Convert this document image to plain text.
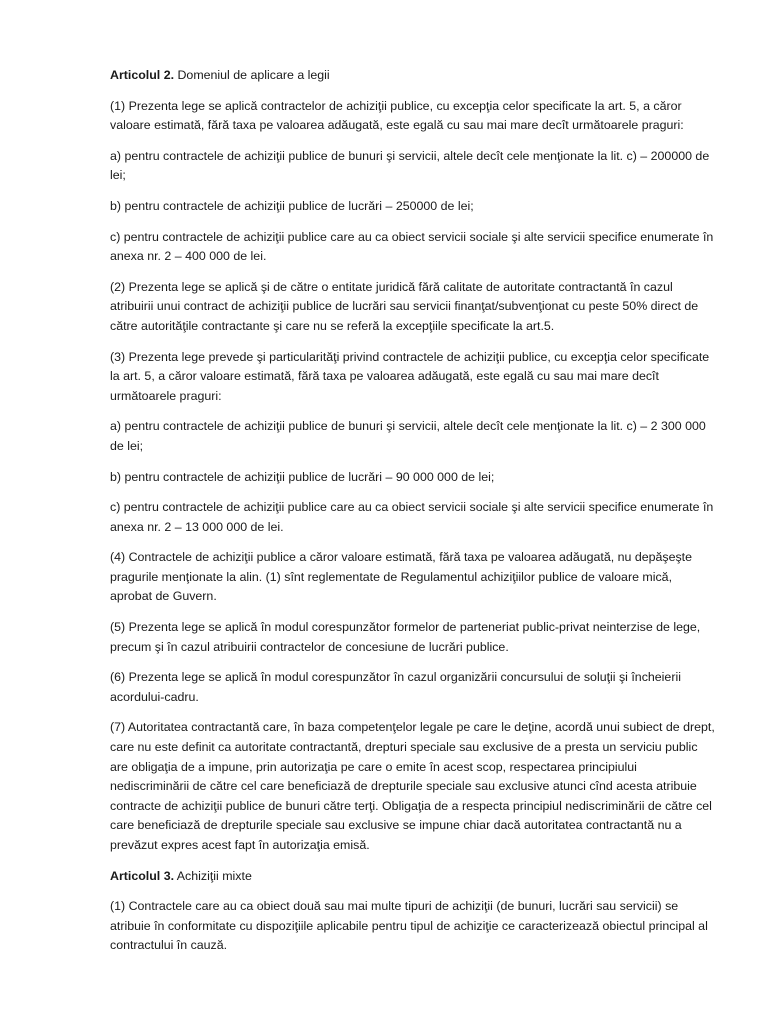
Articolul 2. Domeniul de aplicare a legii

(1) Prezenta lege se aplică contractelor de achiziţii publice, cu excepţia celor specificate la art. 5, a căror valoare estimată, fără taxa pe valoarea adăugată, este egală cu sau mai mare decît următoarele praguri:

a) pentru contractele de achiziţii publice de bunuri şi servicii, altele decît cele menţionate la lit. c) – 200000 de lei;

b) pentru contractele de achiziţii publice de lucrări – 250000 de lei;

c) pentru contractele de achiziţii publice care au ca obiect servicii sociale şi alte servicii specifice enumerate în anexa nr. 2 – 400 000 de lei.

(2) Prezenta lege se aplică şi de către o entitate juridică fără calitate de autoritate contractantă în cazul atribuirii unui contract de achiziţii publice de lucrări sau servicii finanţat/subvenţionat cu peste 50% direct de către autorităţile contractante şi care nu se referă la excepţiile specificate la art.5.

(3) Prezenta lege prevede şi particularităţi privind contractele de achiziţii publice, cu excepţia celor specificate la art. 5, a căror valoare estimată, fără taxa pe valoarea adăugată, este egală cu sau mai mare decît următoarele praguri:

a) pentru contractele de achiziţii publice de bunuri şi servicii, altele decît cele menţionate la lit. c) – 2 300 000 de lei;

b) pentru contractele de achiziţii publice de lucrări – 90 000 000 de lei;

c) pentru contractele de achiziţii publice care au ca obiect servicii sociale şi alte servicii specifice enumerate în anexa nr. 2 – 13 000 000 de lei.

(4) Contractele de achiziţii publice a căror valoare estimată, fără taxa pe valoarea adăugată, nu depăşeşte pragurile menţionate la alin. (1) sînt reglementate de Regulamentul achiziţiilor publice de valoare mică, aprobat de Guvern.

(5) Prezenta lege se aplică în modul corespunzător formelor de parteneriat public-privat neinterzise de lege, precum şi în cazul atribuirii contractelor de concesiune de lucrări publice.

(6) Prezenta lege se aplică în modul corespunzător în cazul organizării concursului de soluţii şi încheierii acordului-cadru.

(7) Autoritatea contractantă care, în baza competenţelor legale pe care le deţine, acordă unui subiect de drept, care nu este definit ca autoritate contractantă, drepturi speciale sau exclusive de a presta un serviciu public are obligaţia de a impune, prin autorizaţia pe care o emite în acest scop, respectarea principiului nediscriminării de către cel care beneficiază de drepturile speciale sau exclusive atunci cînd acesta atribuie contracte de achiziţii publice de bunuri către terţi. Obligaţia de a respecta principiul nediscriminării de către cel care beneficiază de drepturile speciale sau exclusive se impune chiar dacă autoritatea contractantă nu a prevăzut expres acest fapt în autorizaţia emisă.

Articolul 3. Achiziţii mixte

(1) Contractele care au ca obiect două sau mai multe tipuri de achiziţii (de bunuri, lucrări sau servicii) se atribuie în conformitate cu dispoziţiile aplicabile pentru tipul de achiziţie ce caracterizează obiectul principal al contractului în cauză.
